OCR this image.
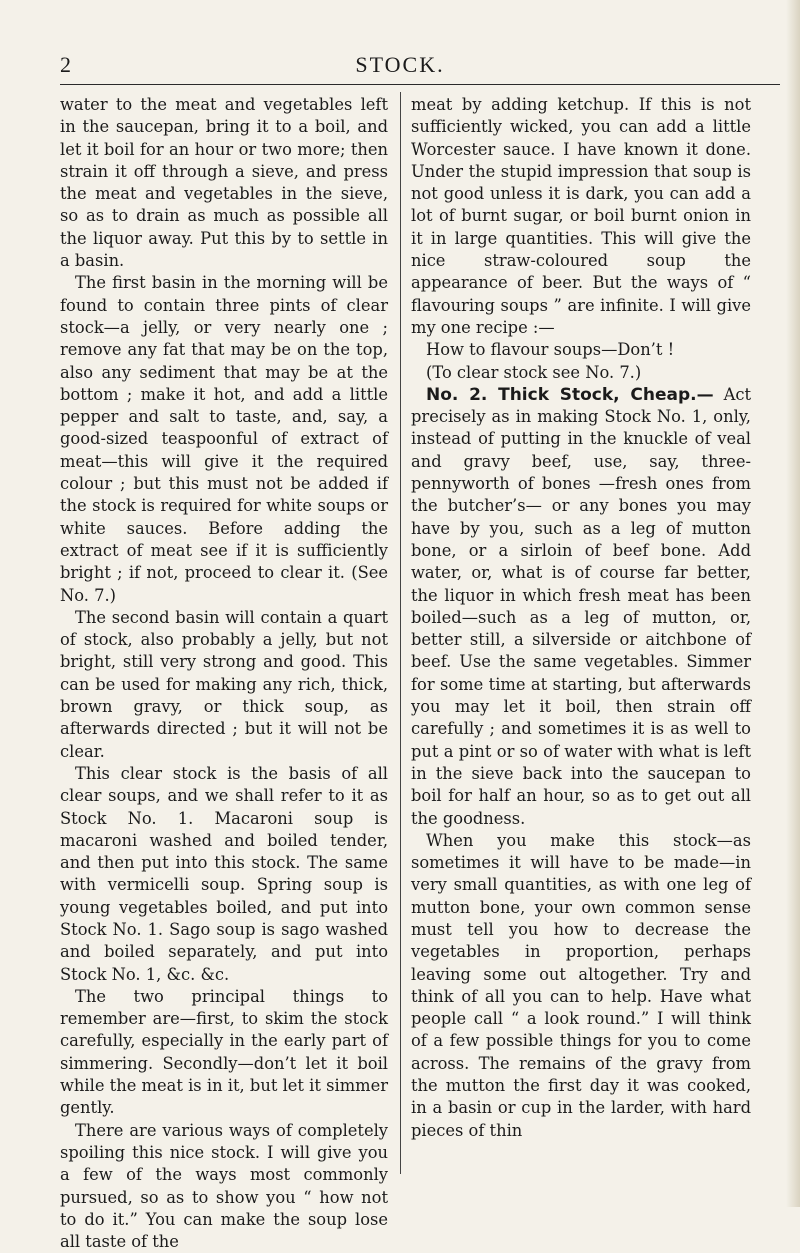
2	STOCK.

water to the meat and vegetables left in the saucepan, bring it to a boil, and let it boil for an hour or two more; then strain it off through a sieve, and press the meat and vegetables in the sieve, so as to drain as much as possible all the liquor away. Put this by to settle in a basin.

The first basin in the morning will be found to contain three pints of clear stock—a jelly, or very nearly one ; remove any fat that may be on the top, also any sediment that may be at the bottom ; make it hot, and add a little pepper and salt to taste, and, say, a good-sized teaspoonful of extract of meat—this will give it the required colour ; but this must not be added if the stock is required for white soups or white sauces. Before adding the extract of meat see if it is sufficiently bright ; if not, proceed to clear it. (See No. 7.)

The second basin will contain a quart of stock, also probably a jelly, but not bright, still very strong and good. This can be used for making any rich, thick, brown gravy, or thick soup, as afterwards directed ; but it will not be clear.

This clear stock is the basis of all clear soups, and we shall refer to it as Stock No. 1. Macaroni soup is macaroni washed and boiled tender, and then put into this stock. The same with vermicelli soup. Spring soup is young vegetables boiled, and put into Stock No. 1. Sago soup is sago washed and boiled separately, and put into Stock No. 1, &c. &c.

The two principal things to remember are—first, to skim the stock carefully, especially in the early part of simmering. Secondly—don’t let it boil while the meat is in it, but let it simmer gently.

There are various ways of completely spoiling this nice stock. I will give you a few of the ways most commonly pursued, so as to show you “ how not to do it.” You can make the soup lose all taste of the

meat by adding ketchup. If this is not sufficiently wicked, you can add a little Worcester sauce. I have known it done. Under the stupid impression that soup is not good unless it is dark, you can add a lot of burnt sugar, or boil burnt onion in it in large quantities. This will give the nice straw-coloured soup the appearance of beer. But the ways of “ flavouring soups ” are infinite. I will give my one recipe :—

How to flavour soups—Don’t !

(To clear stock see No. 7.)

No. 2. Thick Stock, Cheap.— Act precisely as in making Stock No. 1, only, instead of putting in the knuckle of veal and gravy beef, use, say, three-pennyworth of bones —fresh ones from the butcher’s— or any bones you may have by you, such as a leg of mutton bone, or a sirloin of beef bone. Add water, or, what is of course far better, the liquor in which fresh meat has been boiled—such as a leg of mutton, or, better still, a silverside or aitchbone of beef. Use the same vegetables. Simmer for some time at starting, but afterwards you may let it boil, then strain off carefully ; and sometimes it is as well to put a pint or so of water with what is left in the sieve back into the saucepan to boil for half an hour, so as to get out all the goodness.

When you make this stock—as sometimes it will have to be made—in very small quantities, as with one leg of mutton bone, your own common sense must tell you how to decrease the vegetables in proportion, perhaps leaving some out altogether. Try and think of all you can to help. Have what people call “ a look round.” I will think of a few possible things for you to come across. The remains of the gravy from the mutton the first day it was cooked, in a basin or cup in the larder, with hard pieces of thin
